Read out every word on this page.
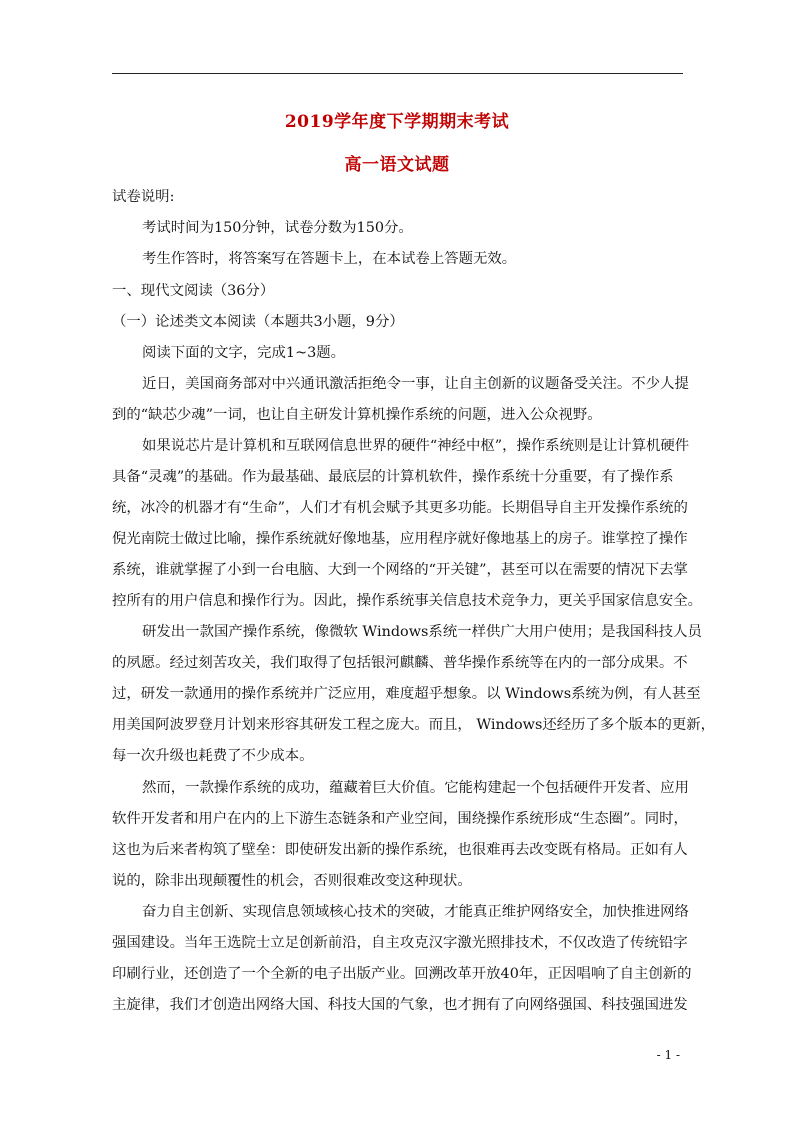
2019学年度下学期期末考试
高一语文试题
试卷说明:
考试时间为150分钟，试卷分数为150分。
考生作答时，将答案写在答题卡上，在本试卷上答题无效。
一、现代文阅读（36分）
（一）论述类文本阅读（本题共3小题，9分）
阅读下面的文字，完成1~3题。
近日，美国商务部对中兴通讯激活拒绝令一事，让自主创新的议题备受关注。不少人提
到的“缺芯少魂”一词，也让自主研发计算机操作系统的问题，进入公众视野。
如果说芯片是计算机和互联网信息世界的硬件“神经中枢”，操作系统则是让计算机硬件
具备“灵魂”的基础。作为最基础、最底层的计算机软件，操作系统十分重要，有了操作系
统，冰冷的机器才有“生命”，人们才有机会赋予其更多功能。长期倡导自主开发操作系统的
倪光南院士做过比喻，操作系统就好像地基，应用程序就好像地基上的房子。谁掌控了操作
系统，谁就掌握了小到一台电脑、大到一个网络的“开关键”，甚至可以在需要的情况下去掌
控所有的用户信息和操作行为。因此，操作系统事关信息技术竞争力，更关乎国家信息安全。
研发出一款国产操作系统，像微软 Windows系统一样供广大用户使用；是我国科技人员
的夙愿。经过刻苦攻关，我们取得了包括银河麒麟、普华操作系统等在内的一部分成果。不
过，研发一款通用的操作系统并广泛应用，难度超乎想象。以 Windows系统为例，有人甚至
用美国阿波罗登月计划来形容其研发工程之庞大。而且， Windows还经历了多个版本的更新，
每一次升级也耗费了不少成本。
然而，一款操作系统的成功，蕴藏着巨大价值。它能构建起一个包括硬件开发者、应用
软件开发者和用户在内的上下游生态链条和产业空间，围绕操作系统形成“生态圈”。同时，
这也为后来者构筑了壁垒：即使研发出新的操作系统，也很难再去改变既有格局。正如有人
说的，除非出现颠覆性的机会，否则很难改变这种现状。
奋力自主创新、实现信息领域核心技术的突破，才能真正维护网络安全，加快推进网络
强国建设。当年王选院士立足创新前沿，自主攻克汉字激光照排技术，不仅改造了传统铅字
印刷行业，还创造了一个全新的电子出版产业。回溯改革开放40年，正因唱响了自主创新的
主旋律，我们才创造出网络大国、科技大国的气象，也才拥有了向网络强国、科技强国进发
- 1 -
